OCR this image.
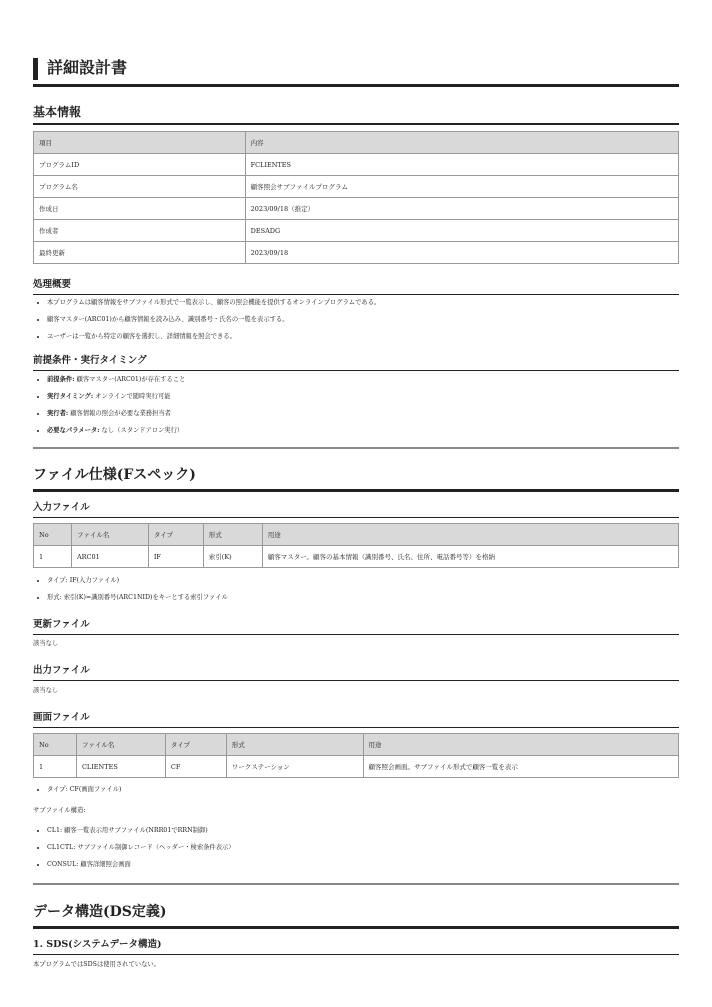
詳細設計書
基本情報
項目	内容
プログラムID	FCLIENTES
プログラム名	顧客照会サブファイルプログラム
作成日	2023/09/18（推定）
作成者	DESADG
最終更新	2023/09/18
処理概要
• 本プログラムは顧客情報をサブファイル形式で一覧表示し、顧客の照会機能を提供するオンラインプログラムである。
• 顧客マスター(ARC01)から顧客情報を読み込み、識別番号・氏名の一覧を表示する。
• ユーザーは一覧から特定の顧客を選択し、詳細情報を照会できる。
前提条件・実行タイミング
• 前提条件: 顧客マスター(ARC01)が存在すること
• 実行タイミング: オンラインで随時実行可能
• 実行者: 顧客情報の照会が必要な業務担当者
• 必要なパラメータ: なし（スタンドアロン実行）
ファイル仕様(Fスペック)
入力ファイル
No	ファイル名	タイプ	形式	用途
1	ARC01	IF	索引(K)	顧客マスター。顧客の基本情報（識別番号、氏名、住所、電話番号等）を格納
• タイプ: IF(入力ファイル)
• 形式: 索引(K)=識別番号(ARC1NID)をキーとする索引ファイル
更新ファイル
該当なし
出力ファイル
該当なし
画面ファイル
No	ファイル名	タイプ	形式	用途
1	CLIENTES	CF	ワークステーション	顧客照会画面。サブファイル形式で顧客一覧を表示
• タイプ: CF(画面ファイル)
サブファイル構造:
• CL1: 顧客一覧表示用サブファイル(NRR01でRRN制御)
• CL1CTL: サブファイル制御レコード（ヘッダー・検索条件表示）
• CONSUL: 顧客詳細照会画面
データ構造(DS定義)
1. SDS(システムデータ構造)
本プログラムではSDSは使用されていない。
